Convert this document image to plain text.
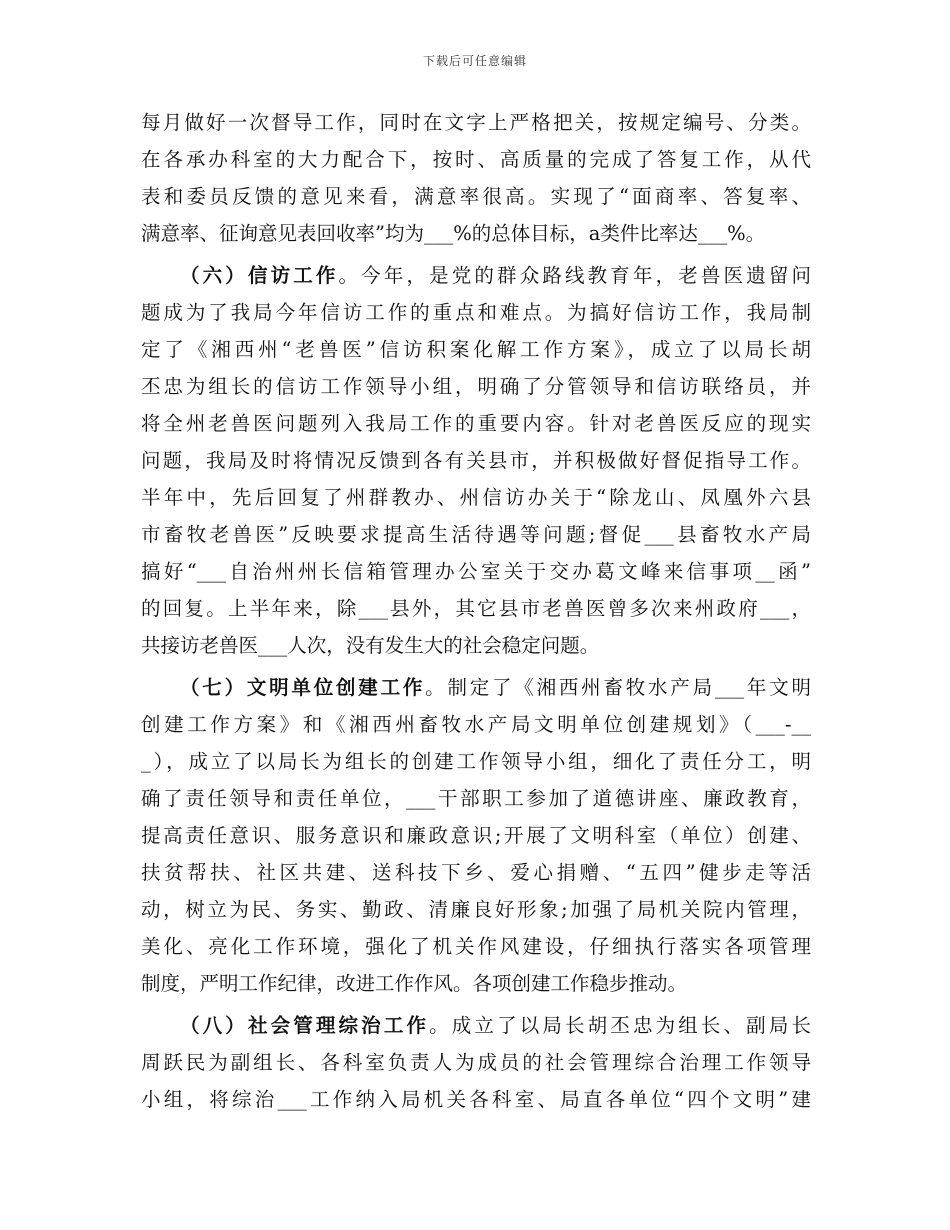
下载后可任意编辑
每月做好一次督导工作，同时在文字上严格把关，按规定编号、分类。
在各承办科室的大力配合下，按时、高质量的完成了答复工作，从代
表和委员反馈的意见来看，满意率很高。实现了“面商率、答复率、
满意率、征询意见表回收率”均为___%的总体目标，a类件比率达___%。
（六）信访工作。今年，是党的群众路线教育年，老兽医遗留问
题成为了我局今年信访工作的重点和难点。为搞好信访工作，我局制
定了《湘西州“老兽医”信访积案化解工作方案》，成立了以局长胡
丕忠为组长的信访工作领导小组，明确了分管领导和信访联络员，并
将全州老兽医问题列入我局工作的重要内容。针对老兽医反应的现实
问题，我局及时将情况反馈到各有关县市，并积极做好督促指导工作。
半年中，先后回复了州群教办、州信访办关于“除龙山、凤凰外六县
市畜牧老兽医”反映要求提高生活待遇等问题;督促___县畜牧水产局
搞好“___自治州州长信箱管理办公室关于交办葛文峰来信事项__函”
的回复。上半年来，除___县外，其它县市老兽医曾多次来州政府___，
共接访老兽医___人次，没有发生大的社会稳定问题。
（七）文明单位创建工作。制定了《湘西州畜牧水产局___年文明
创建工作方案》和《湘西州畜牧水产局文明单位创建规划》（___-__
_），成立了以局长为组长的创建工作领导小组，细化了责任分工，明
确了责任领导和责任单位，___干部职工参加了道德讲座、廉政教育，
提高责任意识、服务意识和廉政意识;开展了文明科室（单位）创建、
扶贫帮扶、社区共建、送科技下乡、爱心捐赠、“五四”健步走等活
动，树立为民、务实、勤政、清廉良好形象;加强了局机关院内管理，
美化、亮化工作环境，强化了机关作风建设，仔细执行落实各项管理
制度，严明工作纪律，改进工作作风。各项创建工作稳步推动。
（八）社会管理综治工作。成立了以局长胡丕忠为组长、副局长
周跃民为副组长、各科室负责人为成员的社会管理综合治理工作领导
小组，将综治___工作纳入局机关各科室、局直各单位“四个文明”建
